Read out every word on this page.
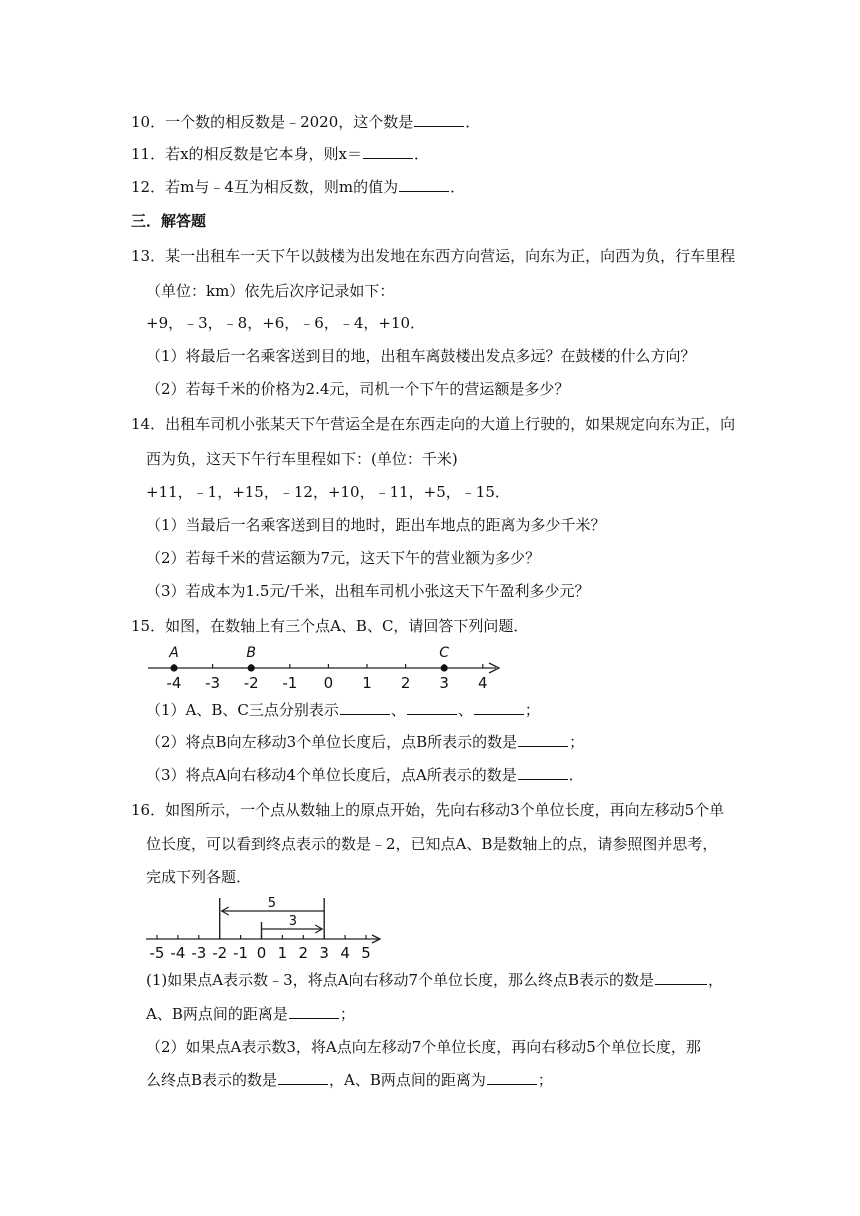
10．一个数的相反数是﹣2020，这个数是	．
11．若x的相反数是它本身，则x＝	．
12．若m与﹣4互为相反数，则m的值为	．
三．解答题
13．某一出租车一天下午以鼓楼为出发地在东西方向营运，向东为正，向西为负，行车里程
（单位：km）依先后次序记录如下：
+9，﹣3，﹣8，+6，﹣6，﹣4，+10．
（1）将最后一名乘客送到目的地，出租车离鼓楼出发点多远？在鼓楼的什么方向？
（2）若每千米的价格为2.4元，司机一个下午的营运额是多少？
14．出租车司机小张某天下午营运全是在东西走向的大道上行驶的，如果规定向东为正，向
西为负，这天下午行车里程如下：(单位：千米)
+11，﹣1，+15，﹣12，+10，﹣11，+5，﹣15．
（1）当最后一名乘客送到目的地时，距出车地点的距离为多少千米？
（2）若每千米的营运额为7元，这天下午的营业额为多少？
（3）若成本为1.5元/千米，出租车司机小张这天下午盈利多少元？
15．如图，在数轴上有三个点A、B、C，请回答下列问题．
-4 -3 -2 -1 0 1 2 3 4
A	B	C
（1）A、B、C三点分别表示	、	、	；
（2）将点B向左移动3个单位长度后，点B所表示的数是	；
（3）将点A向右移动4个单位长度后，点A所表示的数是	．
16．如图所示，一个点从数轴上的原点开始，先向右移动3个单位长度，再向左移动5个单
位长度，可以看到终点表示的数是﹣2，已知点A、B是数轴上的点，请参照图并思考，
完成下列各题．
-5 -4 -3 -2 -1 0 1 2 3 4 5
5
3
(1)如果点A表示数﹣3，将点A向右移动7个单位长度，那么终点B表示的数是	，
A、B两点间的距离是	；
（2）如果点A表示数3，将A点向左移动7个单位长度，再向右移动5个单位长度，那
么终点B表示的数是	，A、B两点间的距离为	；
